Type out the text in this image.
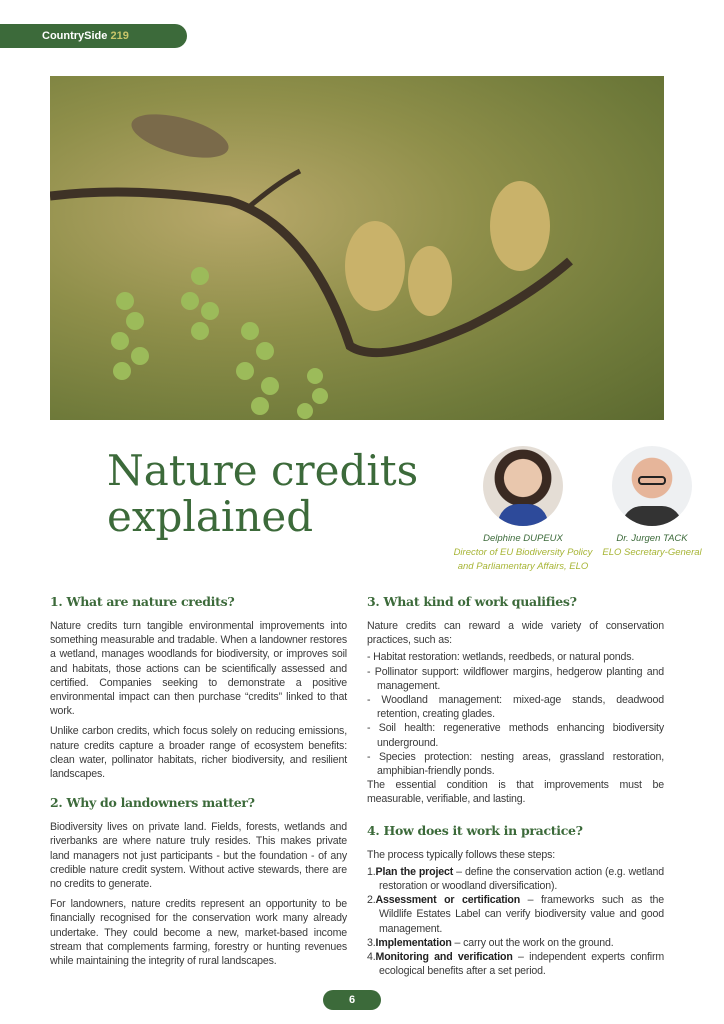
CountrySide 219
Nature credits
explained	Delphine DUPEUX
Director of EU Biodiversity Policy
and Parliamentary Affairs, ELO
Dr. Jurgen TACK
ELO Secretary-General
1. What are nature credits?

Nature credits turn tangible environmental improvements into something measurable and tradable. When a landowner restores a wetland, manages woodlands for biodiversity, or improves soil and habitats, those actions can be scientifically assessed and certified. Companies seeking to demonstrate a positive environmental impact can then purchase “credits” linked to that work.

Unlike carbon credits, which focus solely on reducing emissions, nature credits capture a broader range of ecosystem benefits: clean water, pollinator habitats, richer biodiversity, and resilient landscapes.

2. Why do landowners matter?

Biodiversity lives on private land. Fields, forests, wetlands and riverbanks are where nature truly resides. This makes private land managers not just participants - but the foundation - of any credible nature credit system. Without active stewards, there are no credits to generate.

For landowners, nature credits represent an opportunity to be financially recognised for the conservation work many already undertake. They could become a new, market-based income stream that complements farming, forestry or hunting revenues while maintaining the integrity of rural landscapes.

3. What kind of work qualifies?

Nature credits can reward a wide variety of conservation practices, such as:

- Habitat restoration: wetlands, reedbeds, or natural ponds.
- Pollinator support: wildflower margins, hedgerow planting and management.
- Woodland management: mixed-age stands, deadwood retention, creating glades.
- Soil health: regenerative methods enhancing biodiversity underground.
- Species protection: nesting areas, grassland restoration, amphibian-friendly ponds.

The essential condition is that improvements must be measurable, verifiable, and lasting.

4. How does it work in practice?

The process typically follows these steps:

1.Plan the project – define the conservation action (e.g. wetland restoration or woodland diversification).
2.Assessment or certification – frameworks such as the Wildlife Estates Label can verify biodiversity value and good management.
3.Implementation – carry out the work on the ground.
4.Monitoring and verification – independent experts confirm ecological benefits after a set period.
6
